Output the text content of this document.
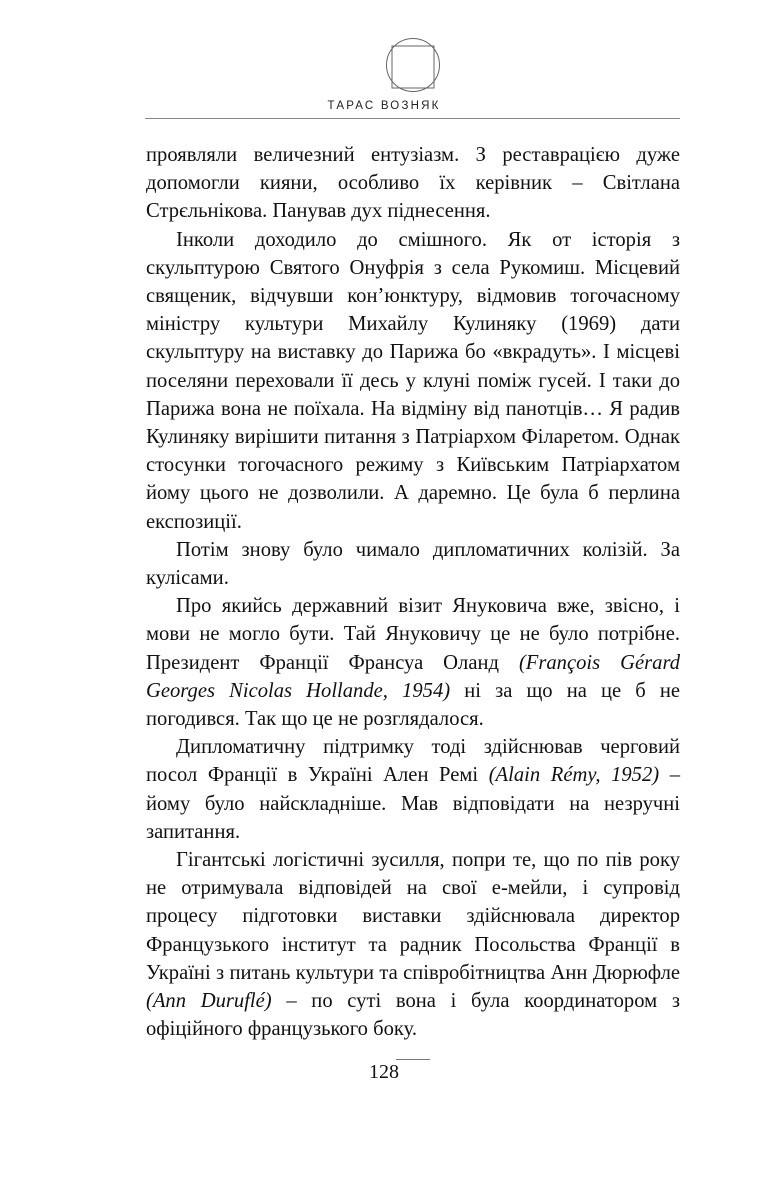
ТАРАС ВОЗНЯК

проявляли величезний ентузіазм. З реставрацією дуже допомогли кияни, особливо їх керівник – Світлана Стрєльнікова. Панував дух піднесення.

Інколи доходило до смішного. Як от історія з скульптурою Святого Онуфрія з села Рукомиш. Місцевий священик, відчувши кон’юнктуру, відмовив тогочасному міністру культури Михайлу Кулиняку (1969) дати скульптуру на виставку до Парижа бо «вкрадуть». І місцеві поселяни переховали її десь у клуні поміж гусей. І таки до Парижа вона не поїхала. На відміну від панотців… Я радив Кулиняку вирішити питання з Патріархом Філаретом. Однак стосунки тогочасного режиму з Київським Патріархатом йому цього не дозволили. А даремно. Це була б перлина експозиції.

Потім знову було чимало дипломатичних колізій. За кулісами.

Про якийсь державний візит Януковича вже, звісно, і мови не могло бути. Тай Януковичу це не було потрібне. Президент Франції Франсуа Оланд (François Gérard Georges Nicolas Hollande, 1954) ні за що на це б не погодився. Так що це не розглядалося.

Дипломатичну підтримку тоді здійснював черговий посол Франції в Україні Ален Ремі (Alain Rémy, 1952) – йому було найскладніше. Мав відповідати на незручні запитання.

Гігантські логістичні зусилля, попри те, що по пів року не отримувала відповідей на свої е-мейли, і супровід процесу підготовки виставки здійснювала директор Французького інститут та радник Посольства Франції в Україні з питань культури та співробітництва Анн Дюрюфле (Ann Duruflé) – по суті вона і була координатором з офіційного французького боку.

128
